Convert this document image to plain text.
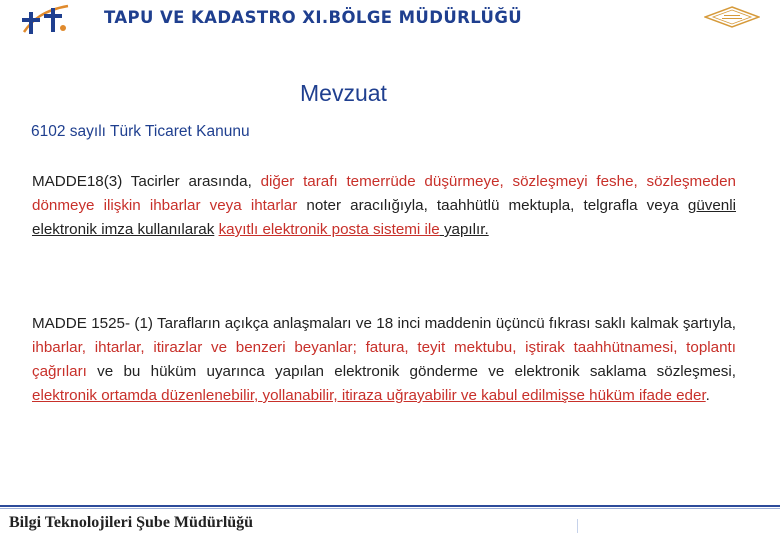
TAPU VE KADASTRO XI.BÖLGE MÜDÜRLÜĞÜ
Mevzuat
6102 sayılı Türk Ticaret Kanunu
MADDE18(3) Tacirler arasında, diğer tarafı temerrüde düşürmeye, sözleşmeyi feshe, sözleşmeden dönmeye ilişkin ihbarlar veya ihtarlar noter aracılığıyla, taahhütlü mektupla, telgrafla veya güvenli elektronik imza kullanılarak kayıtlı elektronik posta sistemi ile yapılır.
MADDE 1525- (1) Tarafların açıkça anlaşmaları ve 18 inci maddenin üçüncü fıkrası saklı kalmak şartıyla, ihbarlar, ihtarlar, itirazlar ve benzeri beyanlar; fatura, teyit mektubu, iştirak taahhütnamesi, toplantı çağrıları ve bu hüküm uyarınca yapılan elektronik gönderme ve elektronik saklama sözleşmesi, elektronik ortamda düzenlenebilir, yollanabilir, itiraza uğrayabilir ve kabul edilmişse hüküm ifade eder.
Bilgi Teknolojileri Şube Müdürlüğü
